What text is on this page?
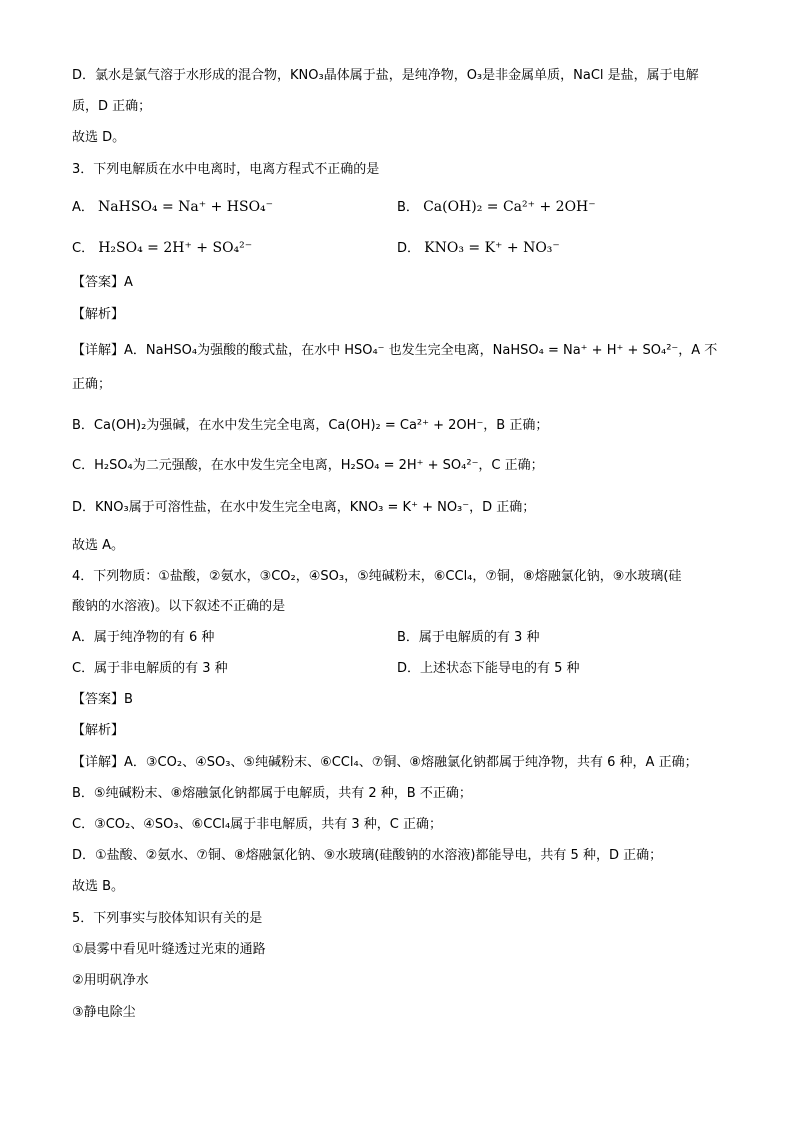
D．氯水是氯气溶于水形成的混合物，KNO₃晶体属于盐，是纯净物，O₃是非金属单质，NaCl 是盐，属于电解
质，D 正确；
故选 D。
3．下列电解质在水中电离时，电离方程式不正确的是
A． NaHSO₄ = Na⁺ + HSO₄⁻	B． Ca(OH)₂ = Ca²⁺ + 2OH⁻
C． H₂SO₄ = 2H⁺ + SO₄²⁻	D． KNO₃ = K⁺ + NO₃⁻
【答案】A
【解析】
【详解】A．NaHSO₄为强酸的酸式盐，在水中 HSO₄⁻ 也发生完全电离，NaHSO₄ = Na⁺ + H⁺ + SO₄²⁻，A 不
正确；
B．Ca(OH)₂为强碱，在水中发生完全电离，Ca(OH)₂ = Ca²⁺ + 2OH⁻，B 正确；
C．H₂SO₄为二元强酸，在水中发生完全电离，H₂SO₄ = 2H⁺ + SO₄²⁻，C 正确；
D．KNO₃属于可溶性盐，在水中发生完全电离，KNO₃ = K⁺ + NO₃⁻，D 正确；
故选 A。
4．下列物质：①盐酸，②氨水，③CO₂，④SO₃，⑤纯碱粉末，⑥CCl₄，⑦铜，⑧熔融氯化钠，⑨水玻璃(硅
酸钠的水溶液)。以下叙述不正确的是
A．属于纯净物的有 6 种	B．属于电解质的有 3 种
C．属于非电解质的有 3 种	D．上述状态下能导电的有 5 种
【答案】B
【解析】
【详解】A．③CO₂、④SO₃、⑤纯碱粉末、⑥CCl₄、⑦铜、⑧熔融氯化钠都属于纯净物，共有 6 种，A 正确；
B．⑤纯碱粉末、⑧熔融氯化钠都属于电解质，共有 2 种，B 不正确；
C．③CO₂、④SO₃、⑥CCl₄属于非电解质，共有 3 种，C 正确；
D．①盐酸、②氨水、⑦铜、⑧熔融氯化钠、⑨水玻璃(硅酸钠的水溶液)都能导电，共有 5 种，D 正确；
故选 B。
5．下列事实与胶体知识有关的是
①晨雾中看见叶缝透过光束的通路
②用明矾净水
③静电除尘
